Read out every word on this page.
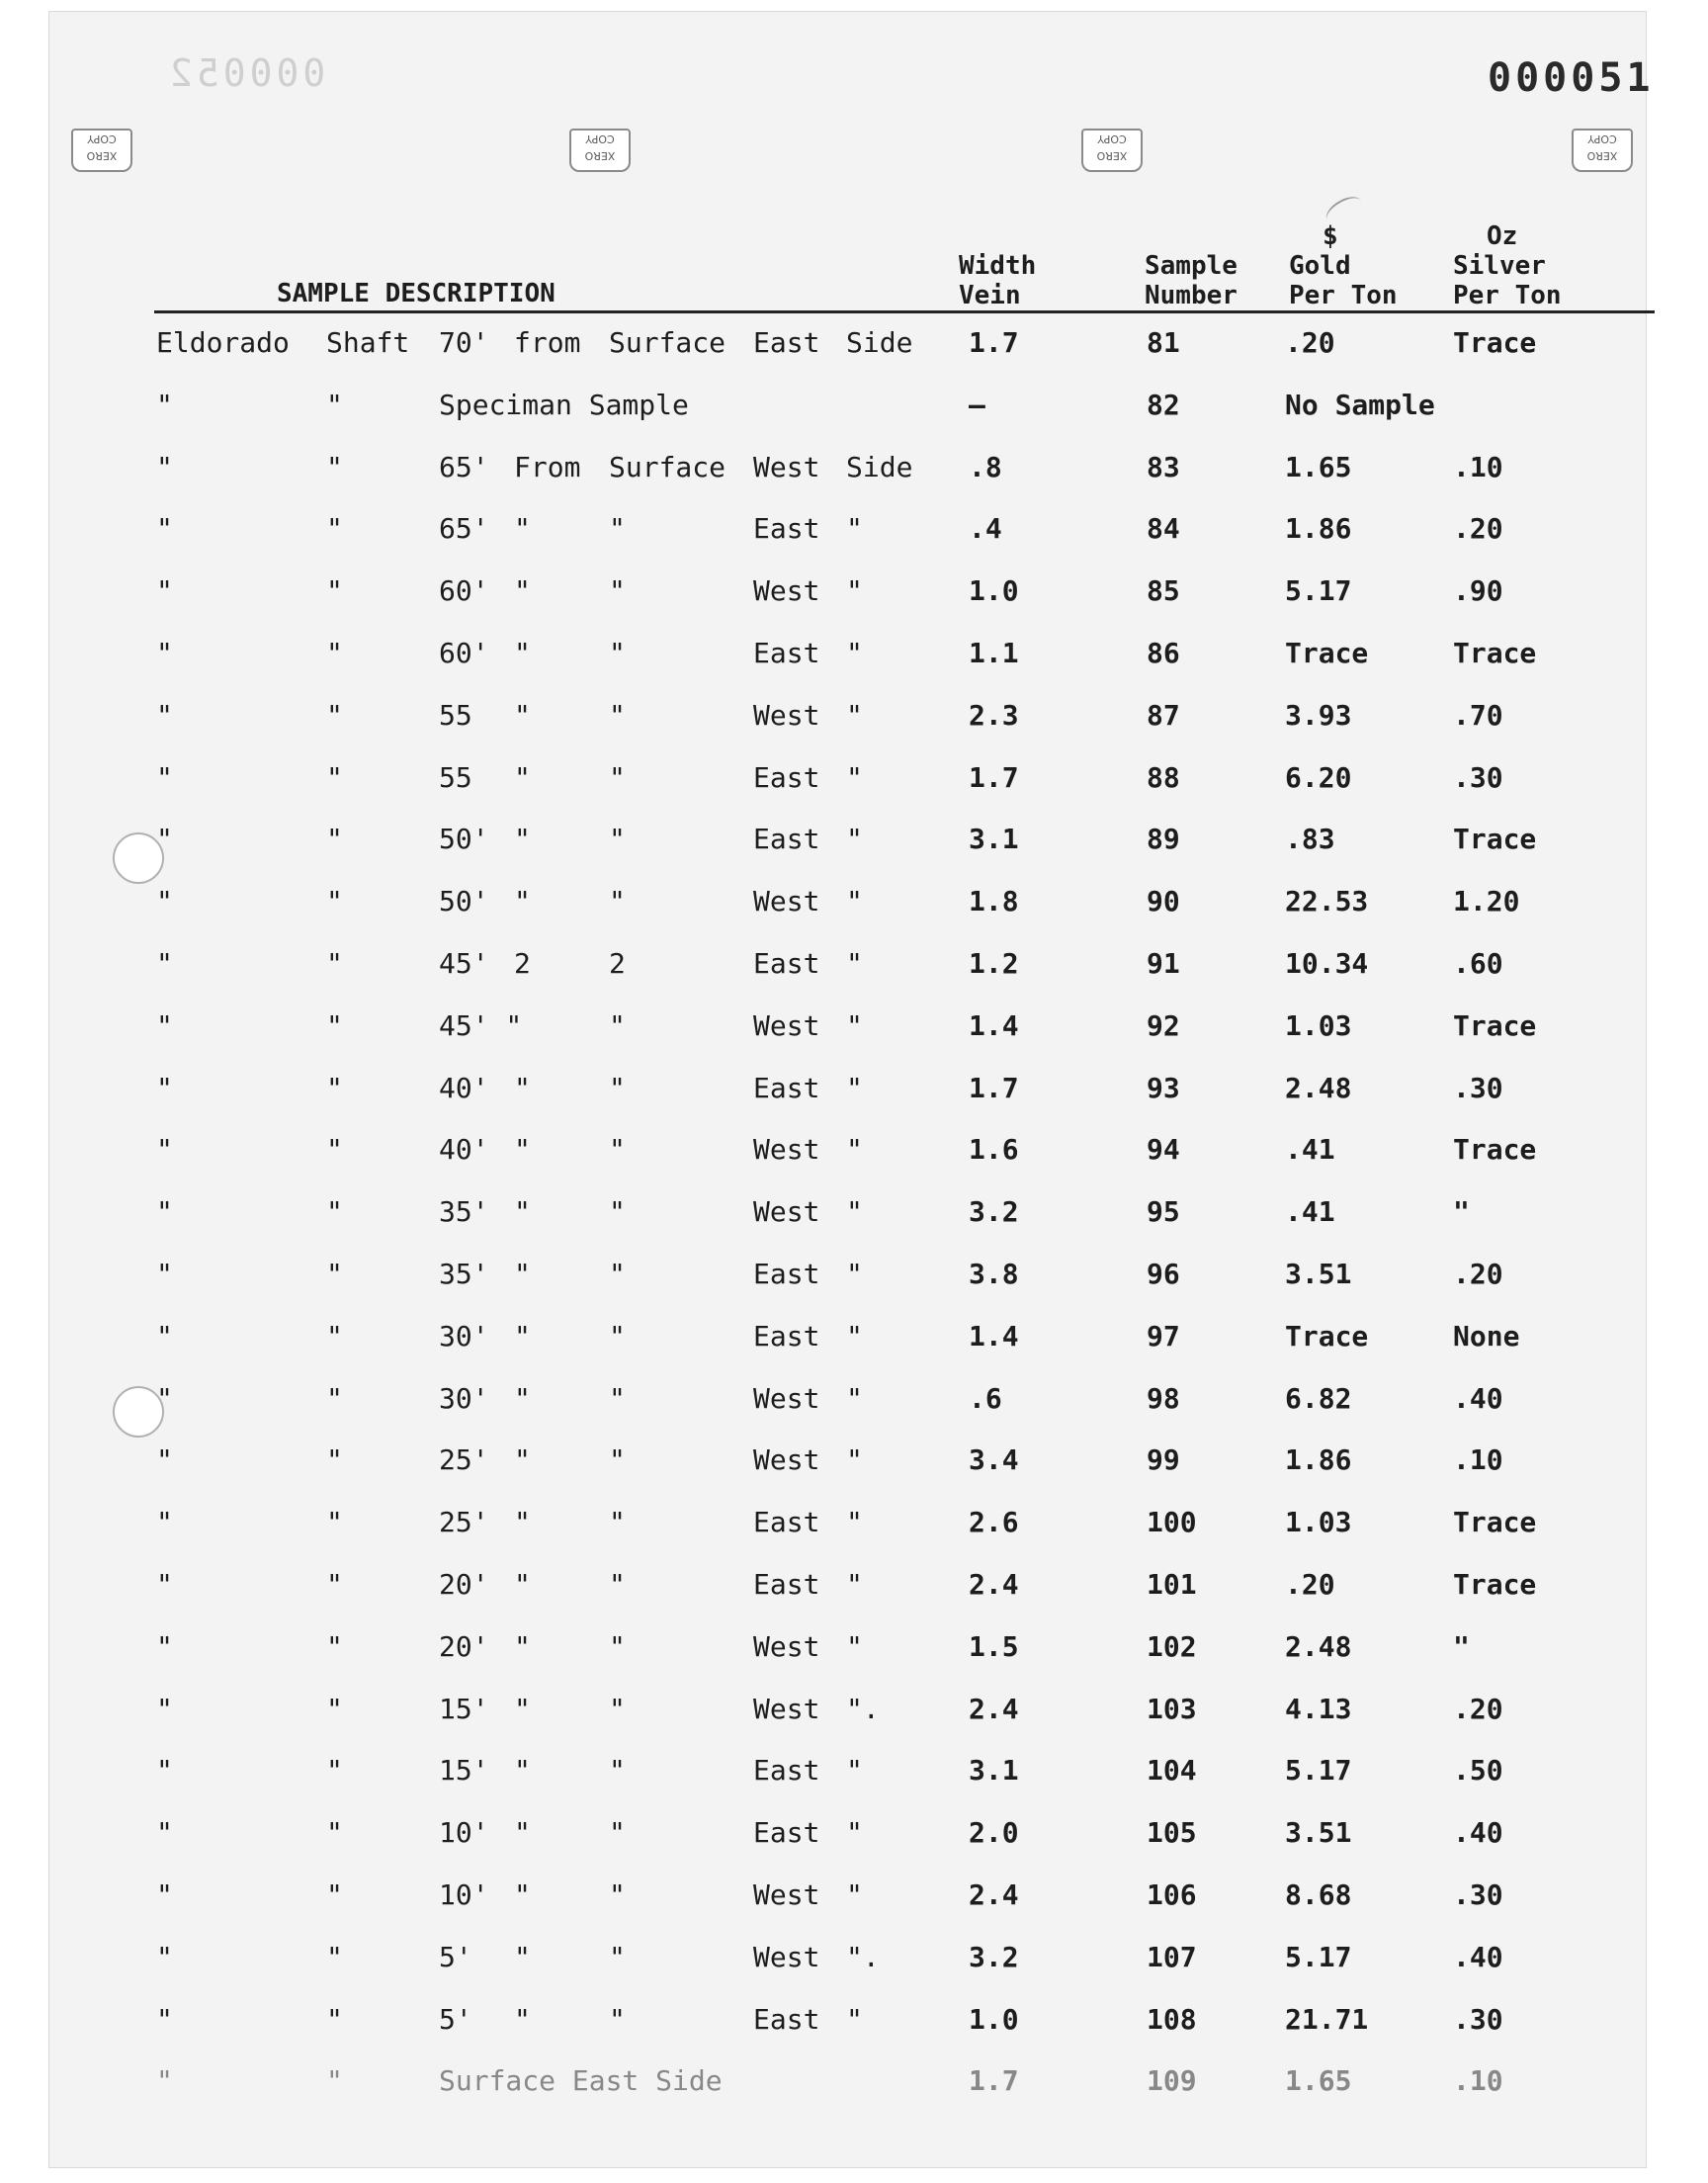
000052	000051
XERO COPY
XERO COPY
XERO COPY
XERO COPY
SAMPLE DESCRIPTION
Width
Vein
Sample
Number
$
Gold
Per Ton
Oz
Silver
Per Ton
Eldorado Shaft 70' from Surface East Side 1.7	81	.20	Trace
"	"	Speciman Sample	—	82	No Sample
"	"	65' From Surface West Side .8	83	1.65	.10
"	"	65' "	"	East "	.4	84	1.86	.20
"	"	60' "	"	West "	1.0	85	5.17	.90
"	"	60' "	"	East "	1.1	86	Trace	Trace
"	"	55 "	"	West "	2.3	87	3.93	.70
"	"	55 "	"	East "	1.7	88	6.20	.30
"	"	50' "	"	East "	3.1	89	.83	Trace
"	"	50' "	"	West "	1.8	90	22.53	1.20
"	"	45' 2	2	East "	1.2	91	10.34	.60
"	"	45' "	"	West "	1.4	92	1.03	Trace
"	"	40' "	"	East "	1.7	93	2.48	.30
"	"	40' "	"	West "	1.6	94	.41	Trace
"	"	35' "	"	West "	3.2	95	.41	"
"	"	35' "	"	East "	3.8	96	3.51	.20
"	"	30' "	"	East "	1.4	97	Trace	None
"	"	30' "	"	West "	.6	98	6.82	.40
"	"	25' "	"	West "	3.4	99	1.86	.10
"	"	25' "	"	East "	2.6	100	1.03	Trace
"	"	20' "	"	East "	2.4	101	.20	Trace
"	"	20' "	"	West "	1.5	102	2.48	"
"	"	15' "	"	West ".	2.4	103	4.13	.20
"	"	15' "	"	East "	3.1	104	5.17	.50
"	"	10' "	"	East "	2.0	105	3.51	.40
"	"	10' "	"	West "	2.4	106	8.68	.30
"	"	5' "	"	West ".	3.2	107	5.17	.40
"	"	5' "	"	East "	1.0	108	21.71	.30
"	"	Surface East Side	1.7	109	1.65	.10
